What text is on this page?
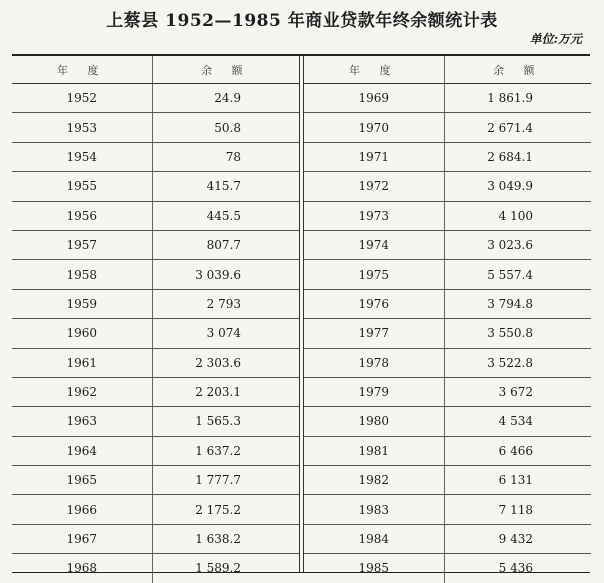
上蔡县 1952—1985 年商业贷款年终余额统计表
单位:万元
年 度	余 额
1952	24.9
1953	50.8
1954	78
1955	415.7
1956	445.5
1957	807.7
1958	3 039.6
1959	2 793
1960	3 074
1961	2 303.6
1962	2 203.1
1963	1 565.3
1964	1 637.2
1965	1 777.7
1966	2 175.2
1967	1 638.2
1968	1 589.2
年 度	余 额
1969	1 861.9
1970	2 671.4
1971	2 684.1
1972	3 049.9
1973	4 100
1974	3 023.6
1975	5 557.4
1976	3 794.8
1977	3 550.8
1978	3 522.8
1979	3 672
1980	4 534
1981	6 466
1982	6 131
1983	7 118
1984	9 432
1985	5 436
